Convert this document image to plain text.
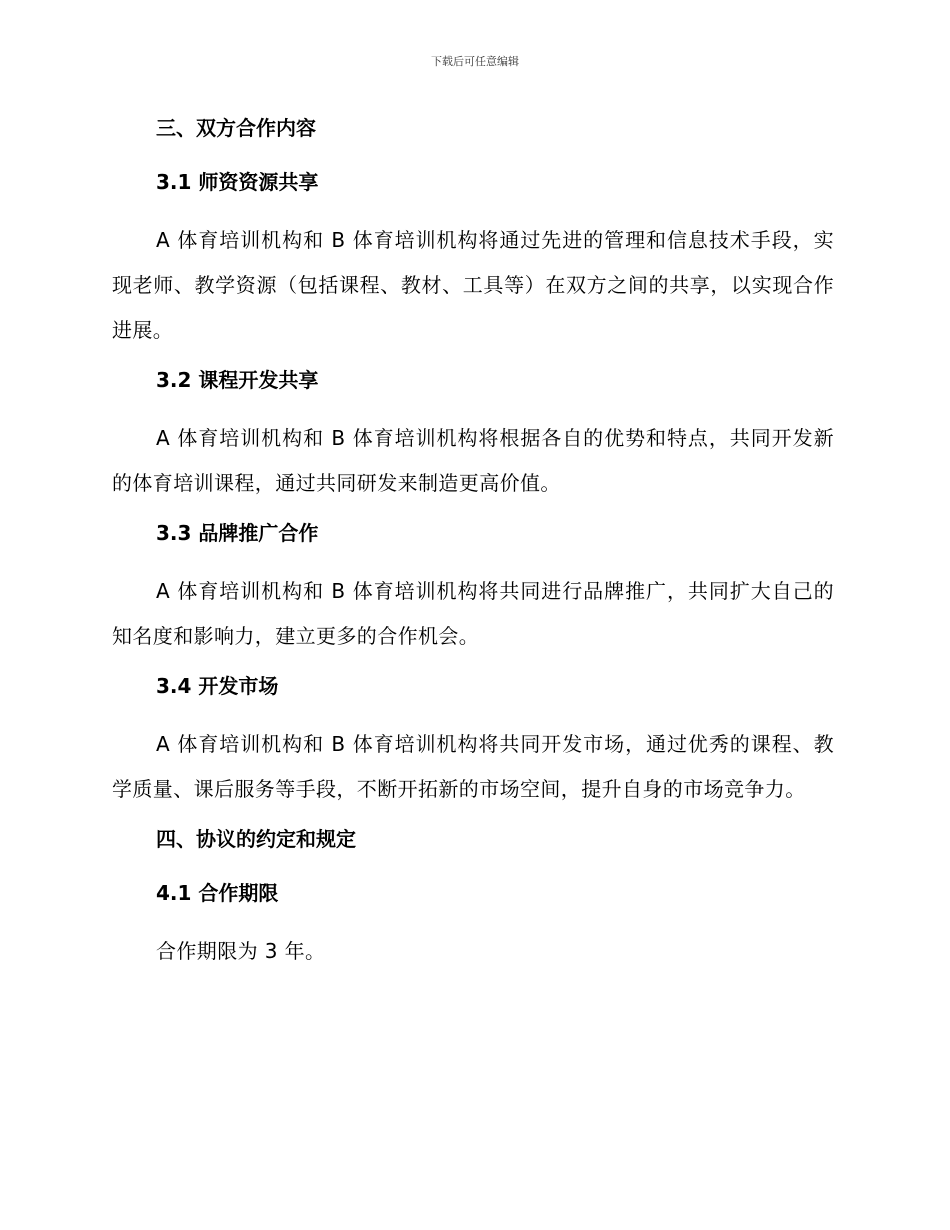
下载后可任意编辑
三、双方合作内容
3.1 师资资源共享

A 体育培训机构和 B 体育培训机构将通过先进的管理和信息技术手段，实现老师、教学资源（包括课程、教材、工具等）在双方之间的共享，以实现合作进展。

3.2 课程开发共享

A 体育培训机构和 B 体育培训机构将根据各自的优势和特点，共同开发新的体育培训课程，通过共同研发来制造更高价值。

3.3 品牌推广合作

A 体育培训机构和 B 体育培训机构将共同进行品牌推广，共同扩大自己的知名度和影响力，建立更多的合作机会。

3.4 开发市场

A 体育培训机构和 B 体育培训机构将共同开发市场，通过优秀的课程、教学质量、课后服务等手段，不断开拓新的市场空间，提升自身的市场竞争力。

四、协议的约定和规定
4.1 合作期限

合作期限为 3 年。
